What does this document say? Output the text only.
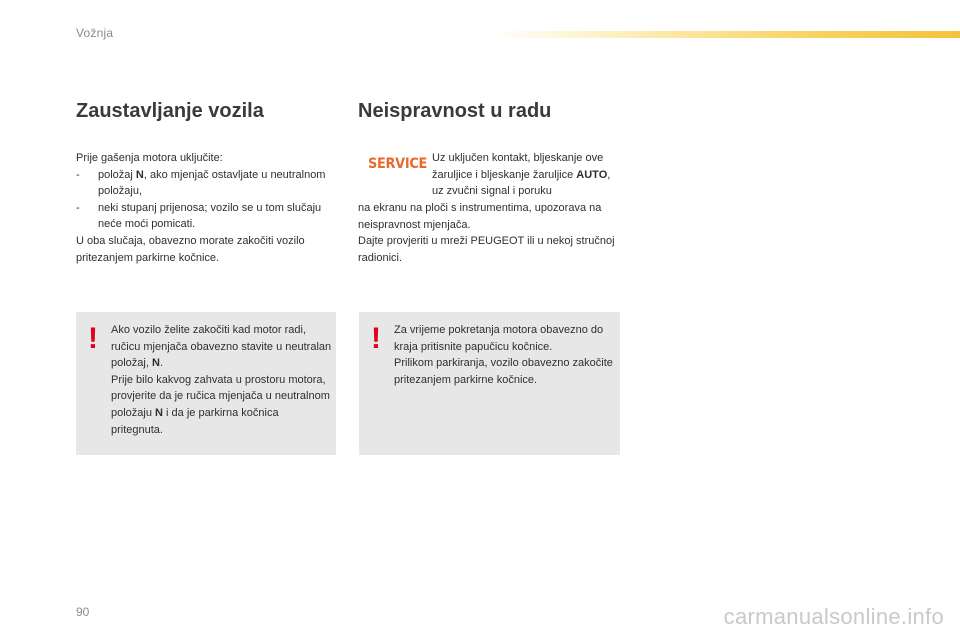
Vožnja
Zaustavljanje vozila

Prije gašenja motora uključite:

-	položaj N, ako mjenjač ostavljate u neutralnom položaju,
-	neki stupanj prijenosa; vozilo se u tom slučaju neće moći pomicati.

U oba slučaja, obavezno morate zakočiti vozilo pritezanjem parkirne kočnice.

! Ako vozilo želite zakočiti kad motor radi, ručicu mjenjača obavezno stavite u neutralan položaj, N.

Prije bilo kakvog zahvata u prostoru motora, provjerite da je ručica mjenjača u neutralnom položaju N i da je parkirna kočnica pritegnuta.

Neispravnost u radu
SERVICE Uz uključen kontakt, bljeskanje ove žaruljice i bljeskanje žaruljice AUTO, uz zvučni signal i poruku

na ekranu na ploči s instrumentima, upozorava na neispravnost mjenjača.

Dajte provjeriti u mreži PEUGEOT ili u nekoj stručnoj radionici.

! Za vrijeme pokretanja motora obavezno do kraja pritisnite papučicu kočnice.

Prilikom parkiranja, vozilo obavezno zakočite pritezanjem parkirne kočnice.

90	carmanualsonline.info
